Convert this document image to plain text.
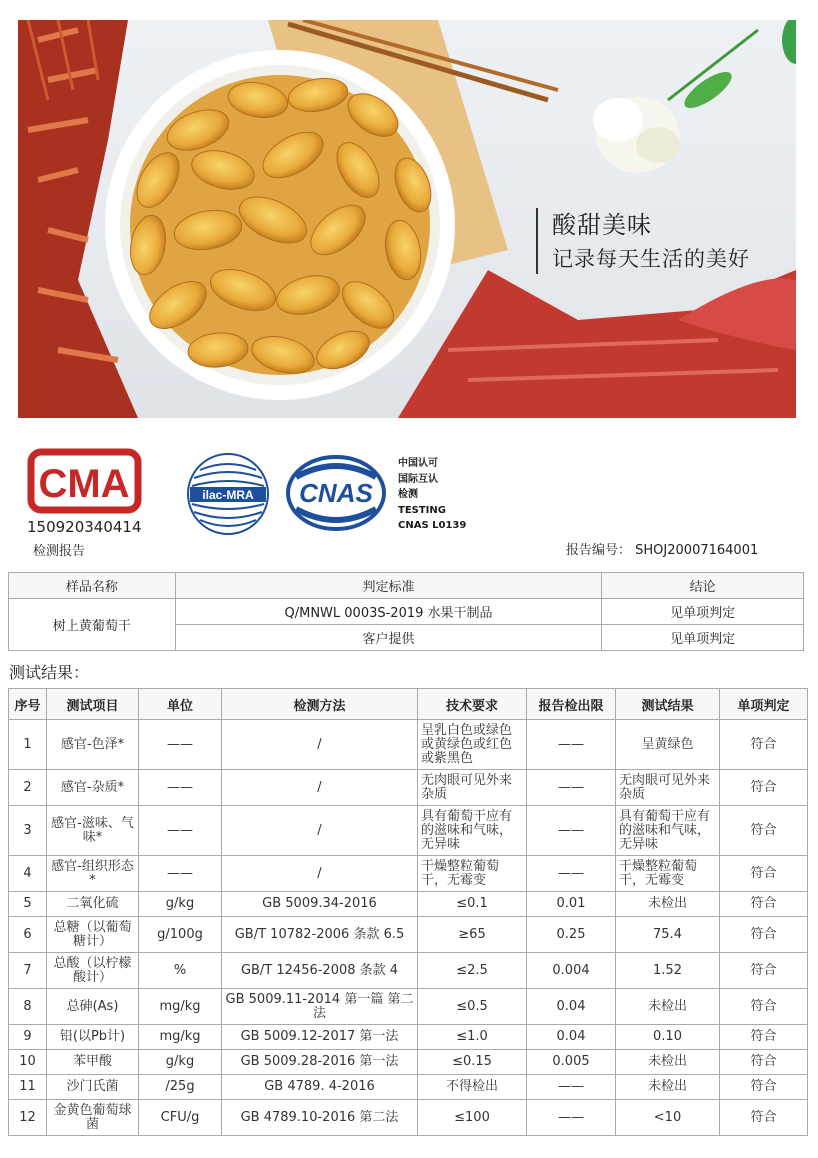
酸甜美味
记录每天生活的美好
CMA
150920340414
检测报告
ilac-MRA CNAS
中国认可
国际互认
检测
TESTING
CNAS L0139
报告编号： SHOJ20007164001
样品名称	判定标准	结论
树上黄葡萄干	Q/MNWL 0003S-2019 水果干制品	见单项判定
	客户提供	见单项判定
测试结果：
序号	测试项目	单位	检测方法	技术要求	报告检出限	测试结果	单项判定
1	感官-色泽*	——	/	呈乳白色或绿色或黄绿色或红色或紫黑色	——	呈黄绿色	符合
2	感官-杂质*	——	/	无肉眼可见外来杂质	——	无肉眼可见外来杂质	符合
3	感官-滋味、气味*	——	/	具有葡萄干应有的滋味和气味，无异味	——	具有葡萄干应有的滋味和气味，无异味	符合
4	感官-组织形态*	——	/	干燥整粒葡萄干，无霉变	——	干燥整粒葡萄干，无霉变	符合
5	二氧化硫	g/kg	GB 5009.34-2016	≤0.1	0.01	未检出	符合
6	总糖（以葡萄糖计）	g/100g	GB/T 10782-2006 条款 6.5	≥65	0.25	75.4	符合
7	总酸（以柠檬酸计）	%	GB/T 12456-2008 条款 4	≤2.5	0.004	1.52	符合
8	总砷(As)	mg/kg	GB 5009.11-2014 第一篇 第二法	≤0.5	0.04	未检出	符合
9	铅(以Pb计)	mg/kg	GB 5009.12-2017 第一法	≤1.0	0.04	0.10	符合
10	苯甲酸	g/kg	GB 5009.28-2016 第一法	≤0.15	0.005	未检出	符合
11	沙门氏菌	/25g	GB 4789. 4-2016	不得检出	——	未检出	符合
12	金黄色葡萄球菌	CFU/g	GB 4789.10-2016 第二法	≤100	——	<10	符合
